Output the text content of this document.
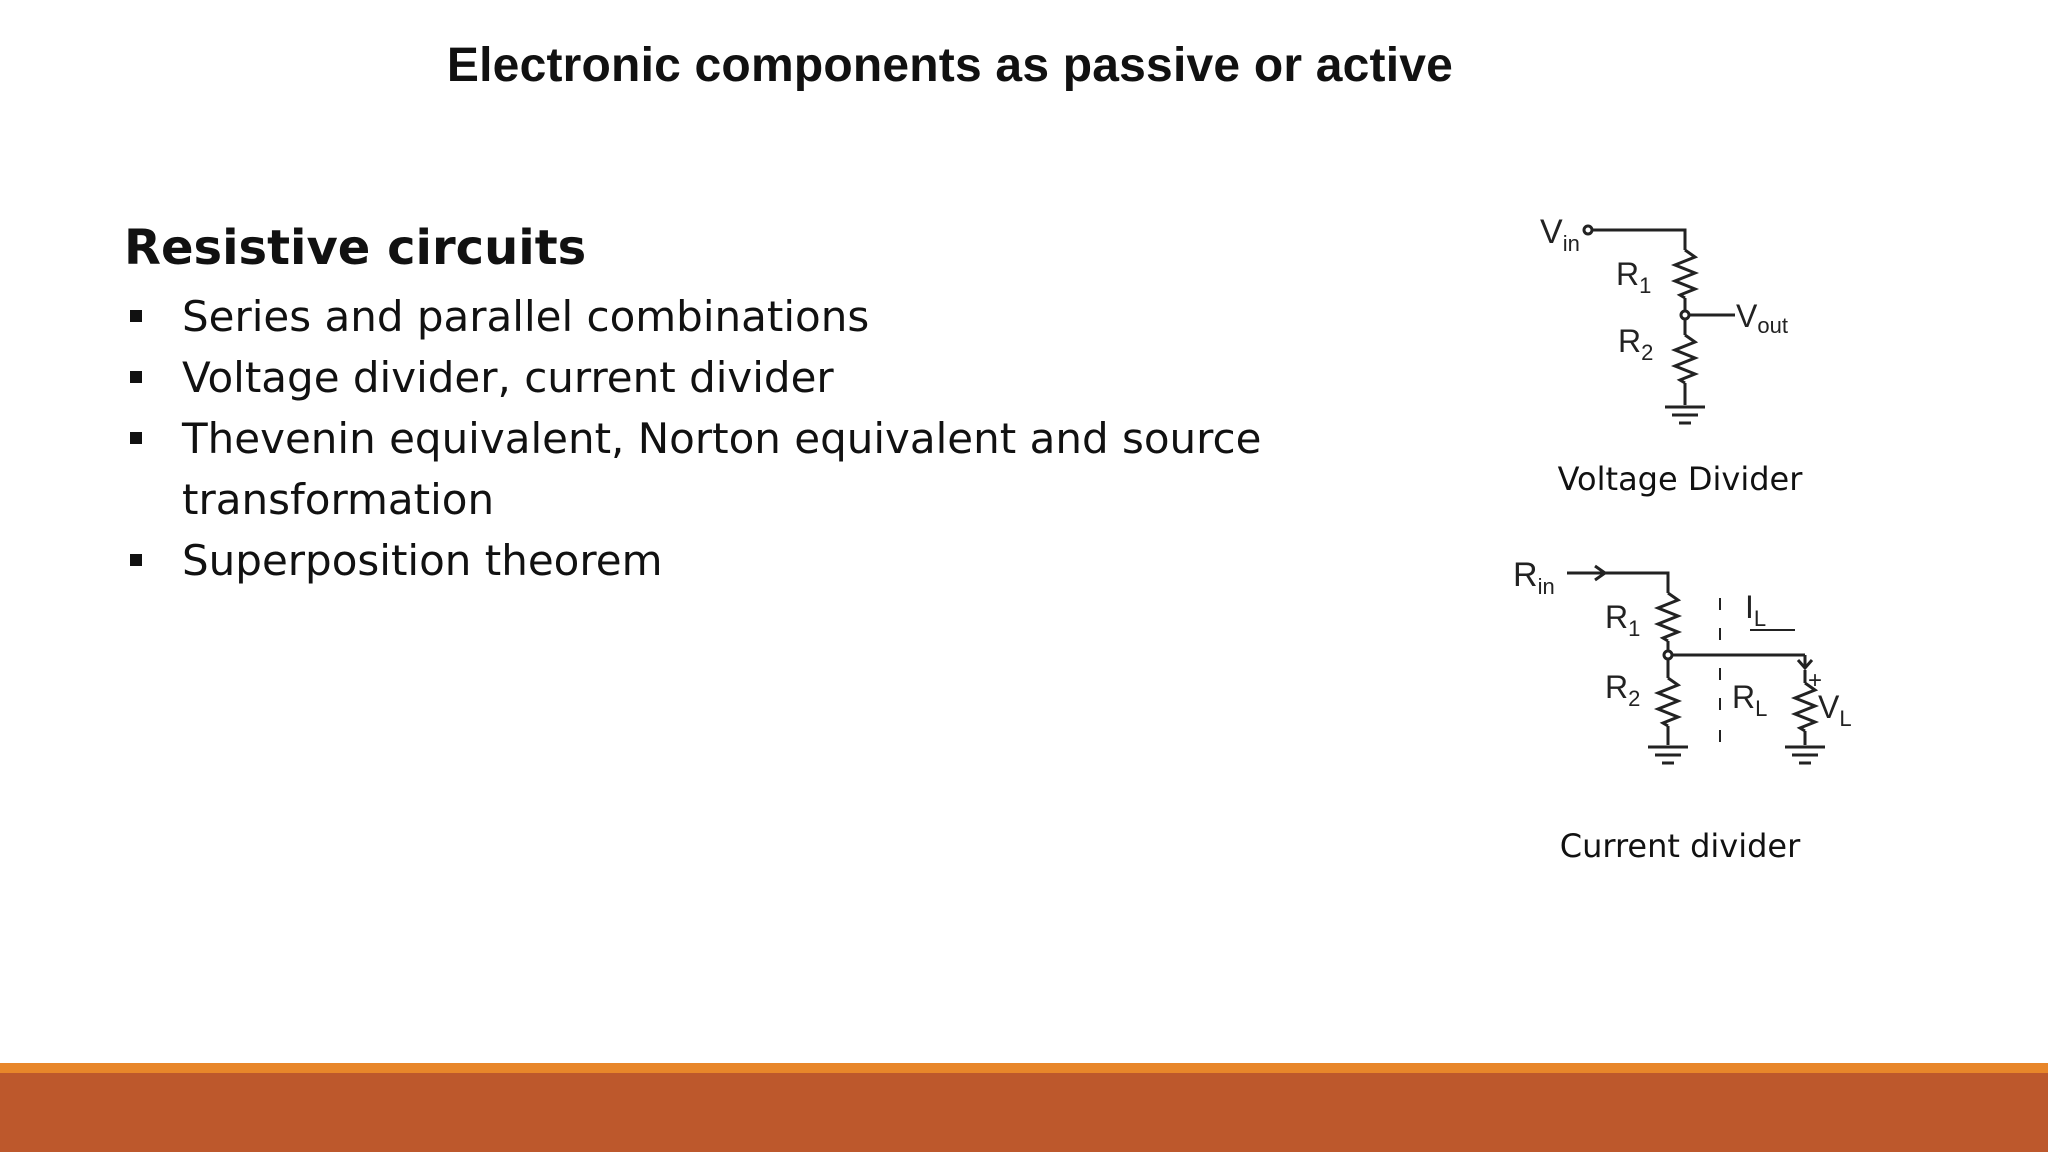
Electronic components as passive or active
Resistive circuits
Series and parallel combinations
Voltage divider, current divider
Thevenin equivalent, Norton equivalent and source transformation
Superposition theorem
$V_{in}$
$R_1$
Vout
$R_2$
Voltage Divider
$R_{in}$
$R_1$
$I_L$
+
$R_2$	$R_L$ $V_L$
Current divider
